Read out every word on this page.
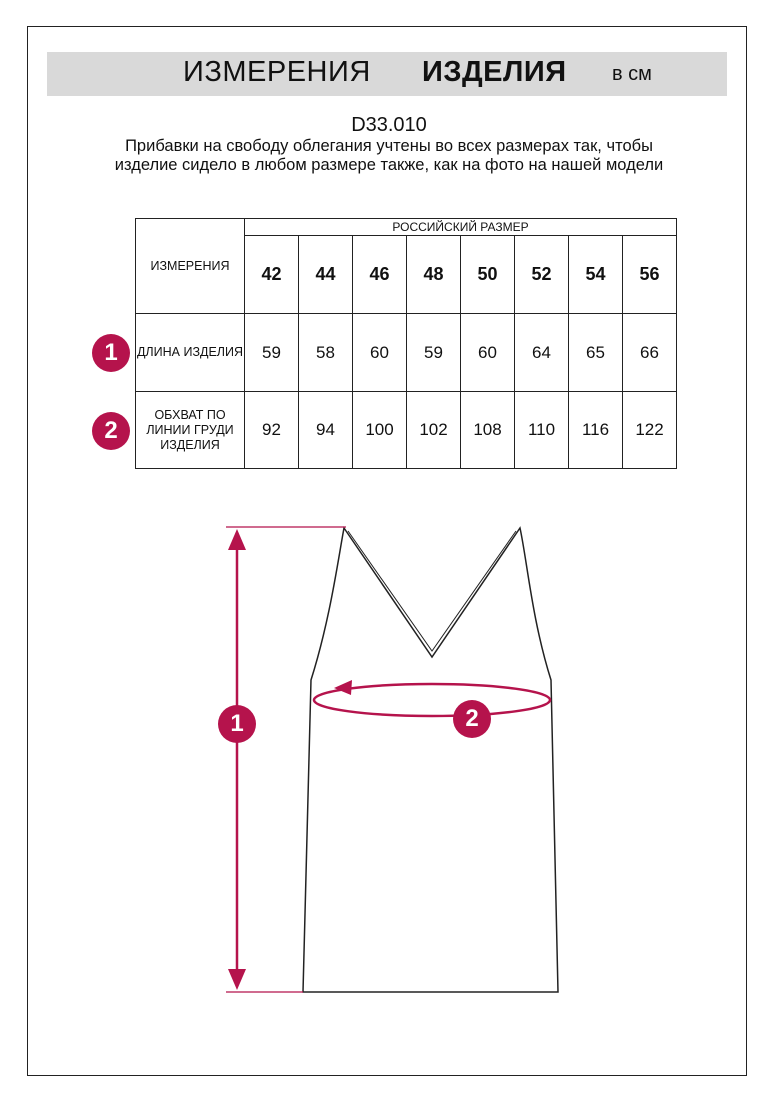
ИЗМЕРЕНИЯ ИЗДЕЛИЯ в см
D33.010
Прибавки на свободу облегания учтены во всех размерах так, чтобы изделие сидело в любом размере также, как на фото на нашей модели
ИЗМЕРЕНИЯ	РОССИЙСКИЙ РАЗМЕР							
	42	44	46	48	50	52	54	56
ДЛИНА ИЗДЕЛИЯ	59	58	60	59	60	64	65	66
ОБХВАТ ПО ЛИНИИ ГРУДИ ИЗДЕЛИЯ	92	94	100	102	108	110	116	122
1
2
1	2
